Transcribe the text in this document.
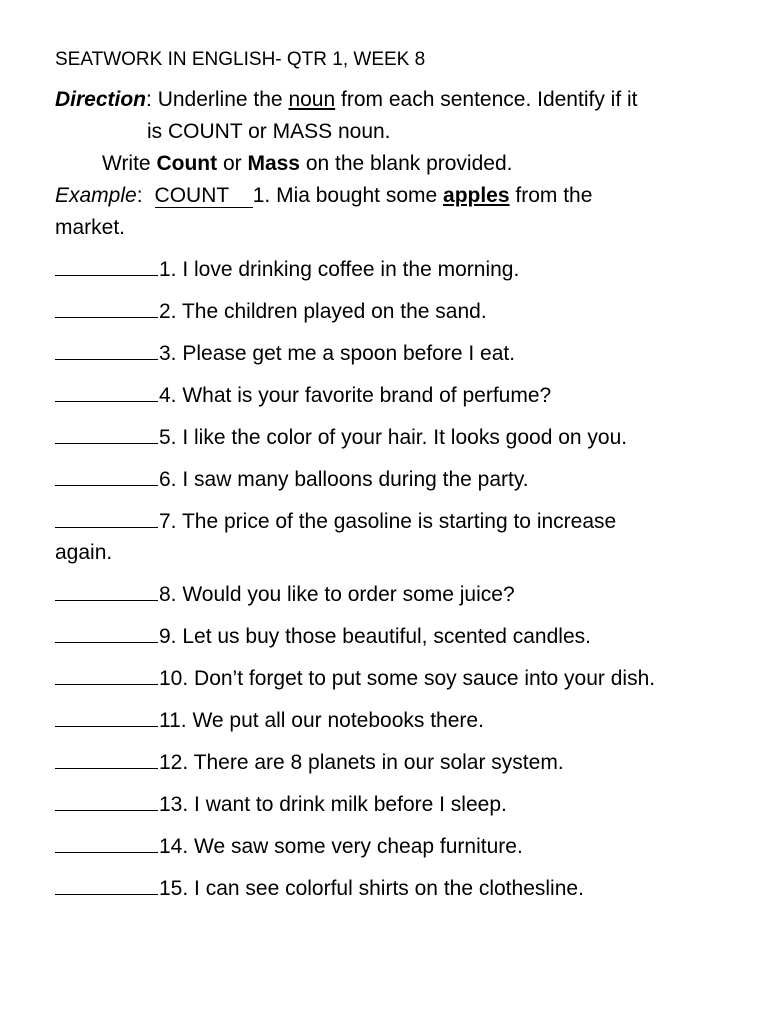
SEATWORK IN ENGLISH- QTR 1, WEEK 8
Direction: Underline the noun from each sentence. Identify if it
is COUNT or MASS noun.
Write Count or Mass on the blank provided.
Example: COUNT 1. Mia bought some apples from the
market.
1. I love drinking coffee in the morning.
2. The children played on the sand.
3. Please get me a spoon before I eat.
4. What is your favorite brand of perfume?
5. I like the color of your hair. It looks good on you.
6. I saw many balloons during the party.
7. The price of the gasoline is starting to increase
again.
8. Would you like to order some juice?
9. Let us buy those beautiful, scented candles.
10. Don’t forget to put some soy sauce into your dish.
11. We put all our notebooks there.
12. There are 8 planets in our solar system.
13. I want to drink milk before I sleep.
14. We saw some very cheap furniture.
15. I can see colorful shirts on the clothesline.
